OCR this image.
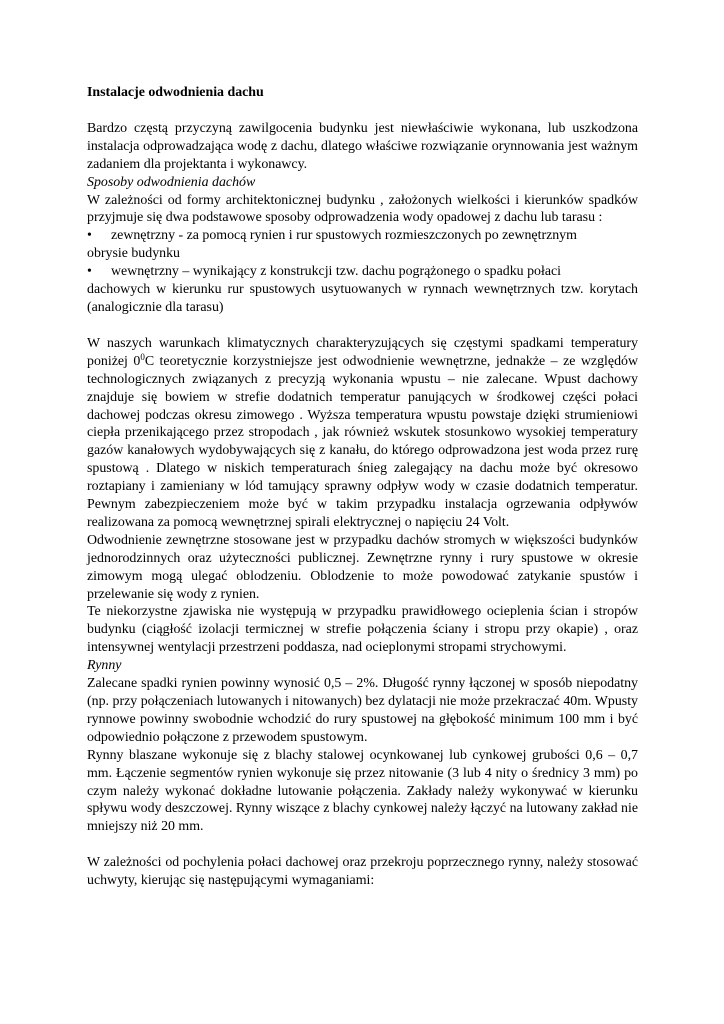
Instalacje odwodnienia dachu

Bardzo częstą przyczyną zawilgocenia budynku jest niewłaściwie wykonana, lub uszkodzona instalacja odprowadzająca wodę z dachu, dlatego właściwe rozwiązanie orynnowania jest ważnym zadaniem dla projektanta i wykonawcy.

Sposoby odwodnienia dachów

W zależności od formy architektonicznej budynku , założonych wielkości i kierunków spadków przyjmuje się dwa podstawowe sposoby odprowadzenia wody opadowej z dachu lub tarasu :

•	zewnętrzny - za pomocą rynien i rur spustowych rozmieszczonych po zewnętrznym

obrysie budynku

•	wewnętrzny – wynikający z konstrukcji tzw. dachu pogrążonego o spadku połaci

dachowych w kierunku rur spustowych usytuowanych w rynnach wewnętrznych tzw. korytach (analogicznie dla tarasu)

W naszych warunkach klimatycznych charakteryzujących się częstymi spadkami temperatury poniżej $0^0C$ teoretycznie korzystniejsze jest odwodnienie wewnętrzne, jednakże – ze względów technologicznych związanych z precyzją wykonania wpustu – nie zalecane. Wpust dachowy znajduje się bowiem w strefie dodatnich temperatur panujących w środkowej części połaci dachowej podczas okresu zimowego . Wyższa temperatura wpustu powstaje dzięki strumieniowi ciepła przenikającego przez stropodach , jak również wskutek stosunkowo wysokiej temperatury gazów kanałowych wydobywających się z kanału, do którego odprowadzona jest woda przez rurę spustową . Dlatego w niskich temperaturach śnieg zalegający na dachu może być okresowo roztapiany i zamieniany w lód tamujący sprawny odpływ wody w czasie dodatnich temperatur. Pewnym zabezpieczeniem może być w takim przypadku instalacja ogrzewania odpływów realizowana za pomocą wewnętrznej spirali elektrycznej o napięciu 24 Volt.

Odwodnienie zewnętrzne stosowane jest w przypadku dachów stromych w większości budynków jednorodzinnych oraz użyteczności publicznej. Zewnętrzne rynny i rury spustowe w okresie zimowym mogą ulegać oblodzeniu. Oblodzenie to może powodować zatykanie spustów i przelewanie się wody z rynien.

Te niekorzystne zjawiska nie występują w przypadku prawidłowego ocieplenia ścian i stropów budynku (ciągłość izolacji termicznej w strefie połączenia ściany i stropu przy okapie) , oraz intensywnej wentylacji przestrzeni poddasza, nad ocieplonymi stropami strychowymi.

Rynny

Zalecane spadki rynien powinny wynosić 0,5 – 2%. Długość rynny łączonej w sposób niepodatny (np. przy połączeniach lutowanych i nitowanych) bez dylatacji nie może przekraczać 40m. Wpusty rynnowe powinny swobodnie wchodzić do rury spustowej na głębokość minimum 100 mm i być odpowiednio połączone z przewodem spustowym.

Rynny blaszane wykonuje się z blachy stalowej ocynkowanej lub cynkowej grubości 0,6 – 0,7 mm. Łączenie segmentów rynien wykonuje się przez nitowanie (3 lub 4 nity o średnicy 3 mm) po czym należy wykonać dokładne lutowanie połączenia. Zakłady należy wykonywać w kierunku spływu wody deszczowej. Rynny wiszące z blachy cynkowej należy łączyć na lutowany zakład nie mniejszy niż 20 mm.

W zależności od pochylenia połaci dachowej oraz przekroju poprzecznego rynny, należy stosować uchwyty, kierując się następującymi wymaganiami:
